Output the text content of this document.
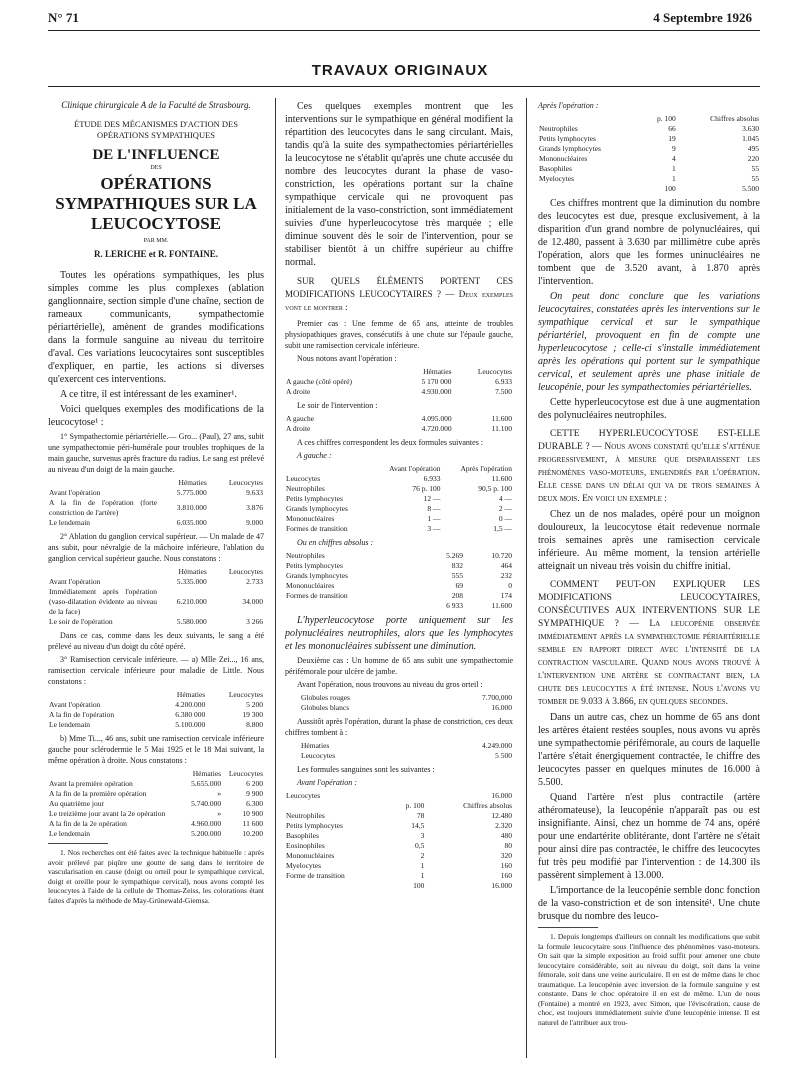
N° 71	4 Septembre 1926
TRAVAUX ORIGINAUX

Clinique chirurgicale A de la Faculté de Strasbourg.

ÉTUDE DES MÉCANISMES D'ACTION DES OPÉRATIONS SYMPATHIQUES

DE L'INFLUENCE

DES

OPÉRATIONS SYMPATHIQUES SUR LA LEUCOCYTOSE

PAR MM.

R. LERICHE et R. FONTAINE.

Toutes les opérations sympathiques, les plus simples comme les plus complexes (ablation ganglionnaire, section simple d'une chaîne, section de rameaux communicants, sympathectomie périartérielle), amènent de grandes modifications dans la formule sanguine au niveau du territoire d'aval. Ces variations leucocytaires sont susceptibles d'expliquer, en partie, les actions si diverses qu'exercent ces interventions.

A ce titre, il est intéressant de les examiner¹.

Voici quelques exemples des modifications de la leucocytose¹ :

1° Sympathectomie périartérielle.— Gro... (Paul), 27 ans, subit une sympathectomie péri-humérale pour troubles trophiques de la main gauche, survenus après fracture du radius. Le sang est prélevé au niveau d'un doigt de la main gauche.

	Hématies	Leucocytes
Avant l'opération	5.775.000	9.633
A la fin de l'opération (forte constriction de l'artère)	3.810.000	3.876
Le lendemain	6.035.000	9.000

2° Ablation du ganglion cervical supérieur. — Un malade de 47 ans subit, pour névralgie de la mâchoire inférieure, l'ablation du ganglion cervical supérieur gauche. Nous constatons :

	Hématies	Leucocytes
Avant l'opération	5.335.000	2.733
Immédiatement après l'opération (vaso-dilatation évidente au niveau de la face)	6.210.000	34.000
Le soir de l'opération	5.580.000	3 266

Dans ce cas, comme dans les deux suivants, le sang a été prélevé au niveau d'un doigt du côté opéré.

3° Ramisection cervicale inférieure. — a) Mlle Zei..., 16 ans, ramisection cervicale inférieure pour maladie de Little. Nous constatons :

	Hématies	Leucocytes
Avant l'opération	4.200.000	5 200
A la fin de l'opération	6.380 000	19 300
Le lendemain	5.100.000	8.800

b) Mme Ti..., 46 ans, subit une ramisection cervicale inférieure gauche pour sclérodermie le 5 Mai 1925 et le 18 Mai suivant, la même opération à droite. Nous constatons :

	Hématies	Leucocytes
Avant la première opération	5.655.000	6 200
A la fin de la première opération	»	9 900
Au quatrième jour	5.740.000	6.300
Le treizième jour avant la 2e opération	»	10 900
A la fin de la 2e opération	4.960.000	11 600
Le lendemain	5.200.000	10.200

1. Nos recherches ont été faites avec la technique habituelle : après avoir prélevé par piqûre une goutte de sang dans le territoire de vascularisation en cause (doigt ou orteil pour le sympathique cervical, doigt et oreille pour le sympathique cervical), nous avons compté les leucocytes à l'aide de la cellule de Thomas-Zeiss, les colorations étant faites d'après la méthode de May-Grünewald-Giemsa.

Ces quelques exemples montrent que les interventions sur le sympathique en général modifient la répartition des leucocytes dans le sang circulant. Mais, tandis qu'à la suite des sympathectomies périartérielles la leucocytose ne s'établit qu'après une chute accusée du nombre des leucocytes durant la phase de vaso-constriction, les opérations portant sur la chaîne sympathique cervicale qui ne provoquent pas initialement de la vaso-constriction, sont immédiatement suivies d'une hyperleucocytose très marquée ; elle diminue souvent dès le soir de l'intervention, pour se stabiliser bientôt à un chiffre supérieur au chiffre normal.

SUR QUELS ÉLÉMENTS PORTENT CES MODIFICATIONS LEUCOCYTAIRES ? — Deux exemples vont le montrer :

Premier cas : Une femme de 65 ans, atteinte de troubles physiopathiques graves, consécutifs à une chute sur l'épaule gauche, subit une ramisection cervicale inférieure.

Nous notons avant l'opération :

	Hématies	Leucocytes
A gauche (côté opéré)	5 170 000	6.933
A droite	4.930.000	7.500

Le soir de l'intervention :

A gauche	4.095.000	11.600
A droite	4.720.000	11.100

A ces chiffres correspondent les deux formules suivantes :

A gauche :

	Avant l'opération	Après l'opération
Leucocytes	6.933	11.600
Neutrophiles	76 p. 100	90,5 p. 100
Petits lymphocytes	12 —	4 —
Grands lymphocytes	8 —	2 —
Mononucléaires	1 —	0 —
Formes de transition	3 —	1,5 —

Ou en chiffres absolus :

Neutrophiles	5.269	10.720
Petits lymphocytes	832	464
Grands lymphocytes	555	232
Mononucléaires	69	0
Formes de transition	208	174
	6 933	11.600

L'hyperleucocytose porte uniquement sur les polynucléaires neutrophiles, alors que les lymphocytes et les mononucléaires subissent une diminution.

Deuxième cas : Un homme de 65 ans subit une sympathectomie périfémorale pour ulcère de jambe.

Avant l'opération, nous trouvons au niveau du gros orteil :

Globules rouges	7.700,000
Globules blancs	16.000

Aussitôt après l'opération, durant la phase de constriction, ces deux chiffres tombent à :

Hématies	4.249.000
Leucocytes	5 500

Les formules sanguines sont les suivantes :

Avant l'opération :

Leucocytes		16.000
	p. 100	Chiffres absolus
Neutrophiles	78	12.480
Petits lymphocytes	14,5	2.320
Basophiles	3	480
Eosinophiles	0,5	80
Mononucléaires	2	320
Myelocytes	1	160
Forme de transition	1	160
	100	16.000

Après l'opération :

	p. 100	Chiffres absolus
Neutrophiles	66	3.630
Petits lymphocytes	19	1.045
Grands lymphocytes	9	495
Mononucléaires	4	220
Basophiles	1	55
Myelocytes	1	55
	100	5.500

Ces chiffres montrent que la diminution du nombre des leucocytes est due, presque exclusivement, à la disparition d'un grand nombre de polynucléaires, qui de 12.480, passent à 3.630 par millimètre cube après l'opération, alors que les formes uninucléaires ne tombent que de 3.520 avant, à 1.870 après l'intervention.

On peut donc conclure que les variations leucocytaires, constatées après les interventions sur le sympathique cervical et sur le sympathique périartériel, provoquent en fin de compte une hyperleucocytose ; celle-ci s'installe immédiatement après les opérations qui portent sur le sympathique cervical, et seulement après une phase initiale de leucopénie, pour les sympathectomies périartérielles.

Cette hyperleucocytose est due à une augmentation des polynucléaires neutrophiles.

CETTE HYPERLEUCOCYTOSE EST-ELLE DURABLE ? — Nous avons constaté qu'elle s'atténue progressivement, à mesure que disparaissent les phénomènes vaso-moteurs, engendrés par l'opération. Elle cesse dans un délai qui va de trois semaines à deux mois. En voici un exemple :

Chez un de nos malades, opéré pour un moignon douloureux, la leucocytose était redevenue normale trois semaines après une ramisection cervicale inférieure. Au même moment, la tension artérielle atteignait un niveau très voisin du chiffre initial.

COMMENT PEUT-ON EXPLIQUER LES MODIFICATIONS LEUCOCYTAIRES, CONSÉCUTIVES AUX INTERVENTIONS SUR LE SYMPATHIQUE ? — La leucopénie observée immédiatement après la sympathectomie périartérielle semble en rapport direct avec l'intensité de la contraction vasculaire. Quand nous avons trouvé à l'intervention une artère se contractant bien, la chute des leucocytes a été intense. Nous l'avons vu tomber de 9.033 à 3.866, en quelques secondes.

Dans un autre cas, chez un homme de 65 ans dont les artères étaient restées souples, nous avons vu après une sympathectomie périfémorale, au cours de laquelle l'artère s'était énergiquement contractée, le chiffre des leucocytes passer en quelques minutes de 16.000 à 5.500.

Quand l'artère n'est plus contractile (artère athéromateuse), la leucopénie n'apparaît pas ou est insignifiante. Ainsi, chez un homme de 74 ans, opéré pour une endartérite oblitérante, dont l'artère ne s'était pour ainsi dire pas contractée, le chiffre des leucocytes fut très peu modifié par l'intervention : de 14.300 ils passèrent simplement à 13.000.

L'importance de la leucopénie semble donc fonction de la vaso-constriction et de son intensité¹. Une chute brusque du nombre des leuco-

1. Depuis longtemps d'ailleurs on connaît les modifications que subit la formule leucocytaire sous l'influence des phénomènes vaso-moteurs. On sait que la simple exposition au froid suffit pour amener une chute leucocytaire considérable, soit au niveau du doigt, soit dans la veine fémorale, soit dans une veine auriculaire. Il en est de même dans le choc traumatique. La leucopénie avec inversion de la formule sanguine y est constante. Dans le choc opératoire il en est de même. L'un de nous (Fontaine) a montré en 1923, avec Simon, que l'éviscération, cause de choc, est toujours immédiatement suivie d'une leucopénie intense. Il est naturel de l'attribuer aux trou-
